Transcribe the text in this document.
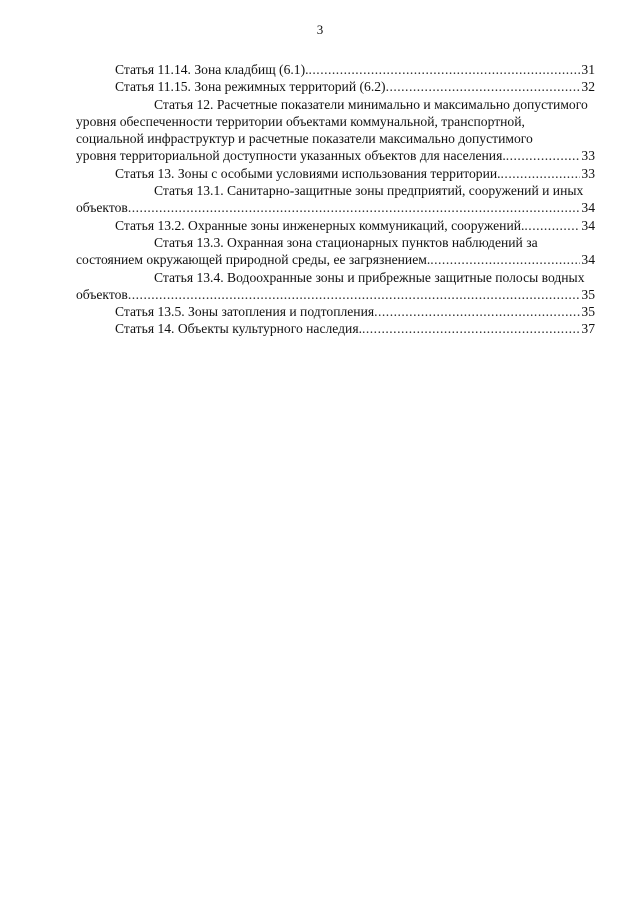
3
Статья 11.14. Зона кладбищ (6.1). .....	31
Статья 11.15. Зона режимных территорий (6.2) .....	32
Статья 12. Расчетные показатели минимально и максимально допустимого
уровня обеспеченности территории объектами коммунальной, транспортной,
социальной инфраструктур и расчетные показатели максимально допустимого
уровня территориальной доступности указанных объектов для населения. .....	33
Статья 13. Зоны с особыми условиями использования территории. .....	33
Статья 13.1. Санитарно-защитные зоны предприятий, сооружений и иных
объектов .....	34
Статья 13.2. Охранные зоны инженерных коммуникаций, сооружений. .....	34
Статья 13.3. Охранная зона стационарных пунктов наблюдений за
состоянием окружающей природной среды, ее загрязнением. .....	34
Статья 13.4. Водоохранные зоны и прибрежные защитные полосы водных
объектов .....	35
Статья 13.5. Зоны затопления и подтопления .....	35
Статья 14. Объекты культурного наследия. .....	37
